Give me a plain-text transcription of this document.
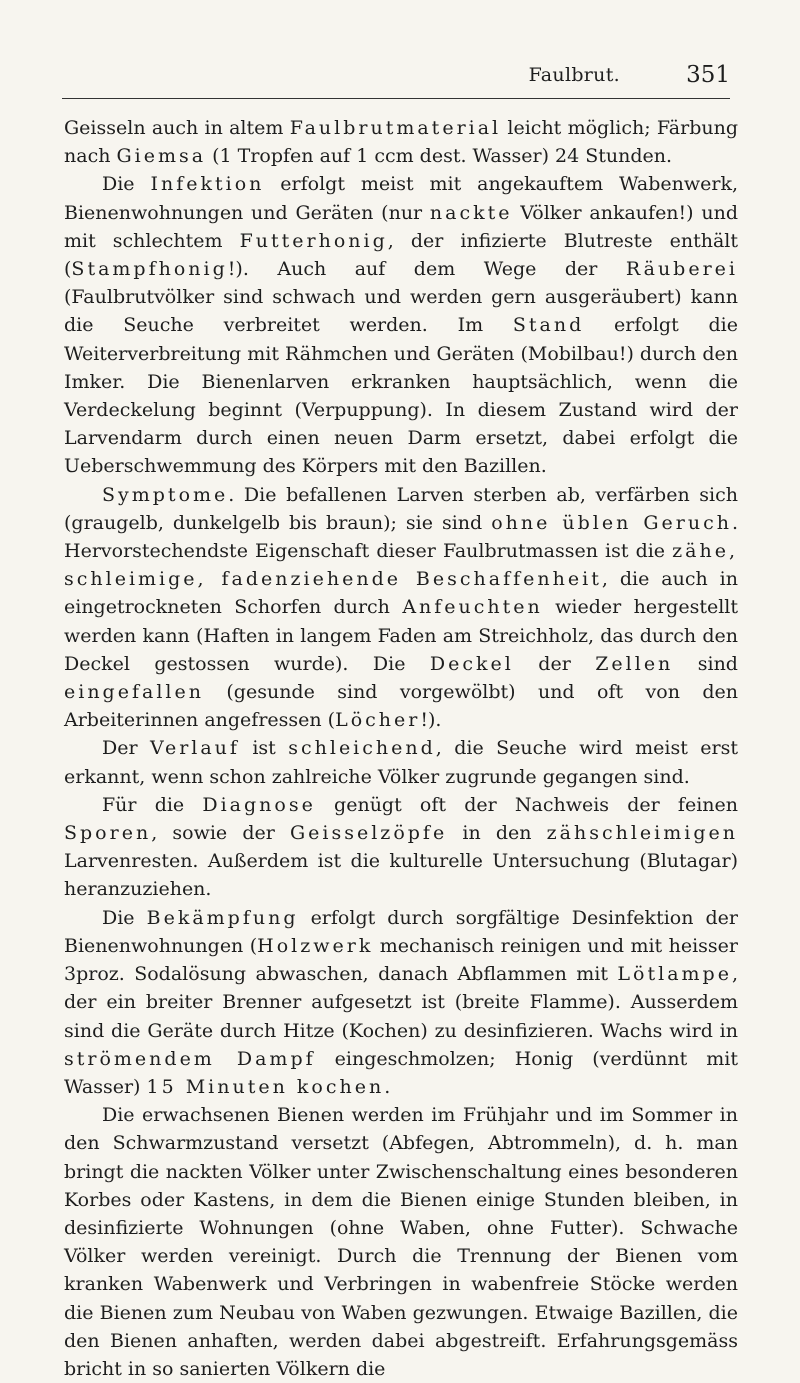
Faulbrut.	351

Geisseln auch in altem Faulbrutmaterial leicht möglich; Färbung nach Giemsa (1 Tropfen auf 1 ccm dest. Wasser) 24 Stunden.

Die Infektion erfolgt meist mit angekauftem Wabenwerk, Bienenwohnungen und Geräten (nur nackte Völker ankaufen!) und mit schlechtem Futterhonig, der infizierte Blutreste enthält (Stampfhonig!). Auch auf dem Wege der Räuberei (Faulbrutvölker sind schwach und werden gern ausgeräubert) kann die Seuche verbreitet werden. Im Stand erfolgt die Weiterverbreitung mit Rähmchen und Geräten (Mobilbau!) durch den Imker. Die Bienenlarven erkranken hauptsächlich, wenn die Verdeckelung beginnt (Verpuppung). In diesem Zustand wird der Larvendarm durch einen neuen Darm ersetzt, dabei erfolgt die Ueberschwemmung des Körpers mit den Bazillen.

Symptome. Die befallenen Larven sterben ab, verfärben sich (graugelb, dunkelgelb bis braun); sie sind ohne üblen Geruch. Hervorstechendste Eigenschaft dieser Faulbrutmassen ist die zähe, schleimige, fadenziehende Beschaffenheit, die auch in eingetrockneten Schorfen durch Anfeuchten wieder hergestellt werden kann (Haften in langem Faden am Streichholz, das durch den Deckel gestossen wurde). Die Deckel der Zellen sind eingefallen (gesunde sind vorgewölbt) und oft von den Arbeiterinnen angefressen (Löcher!).

Der Verlauf ist schleichend, die Seuche wird meist erst erkannt, wenn schon zahlreiche Völker zugrunde gegangen sind.

Für die Diagnose genügt oft der Nachweis der feinen Sporen, sowie der Geisselzöpfe in den zähschleimigen Larvenresten. Außerdem ist die kulturelle Untersuchung (Blutagar) heranzuziehen.

Die Bekämpfung erfolgt durch sorgfältige Desinfektion der Bienenwohnungen (Holzwerk mechanisch reinigen und mit heisser 3proz. Sodalösung abwaschen, danach Abflammen mit Lötlampe, der ein breiter Brenner aufgesetzt ist (breite Flamme). Ausserdem sind die Geräte durch Hitze (Kochen) zu desinfizieren. Wachs wird in strömendem Dampf eingeschmolzen; Honig (verdünnt mit Wasser) 15 Minuten kochen.

Die erwachsenen Bienen werden im Frühjahr und im Sommer in den Schwarmzustand versetzt (Abfegen, Abtrommeln), d. h. man bringt die nackten Völker unter Zwischenschaltung eines besonderen Korbes oder Kastens, in dem die Bienen einige Stunden bleiben, in desinfizierte Wohnungen (ohne Waben, ohne Futter). Schwache Völker werden vereinigt. Durch die Trennung der Bienen vom kranken Wabenwerk und Verbringen in wabenfreie Stöcke werden die Bienen zum Neubau von Waben gezwungen. Etwaige Bazillen, die den Bienen anhaften, werden dabei abgestreift. Erfahrungsgemäss bricht in so sanierten Völkern die
